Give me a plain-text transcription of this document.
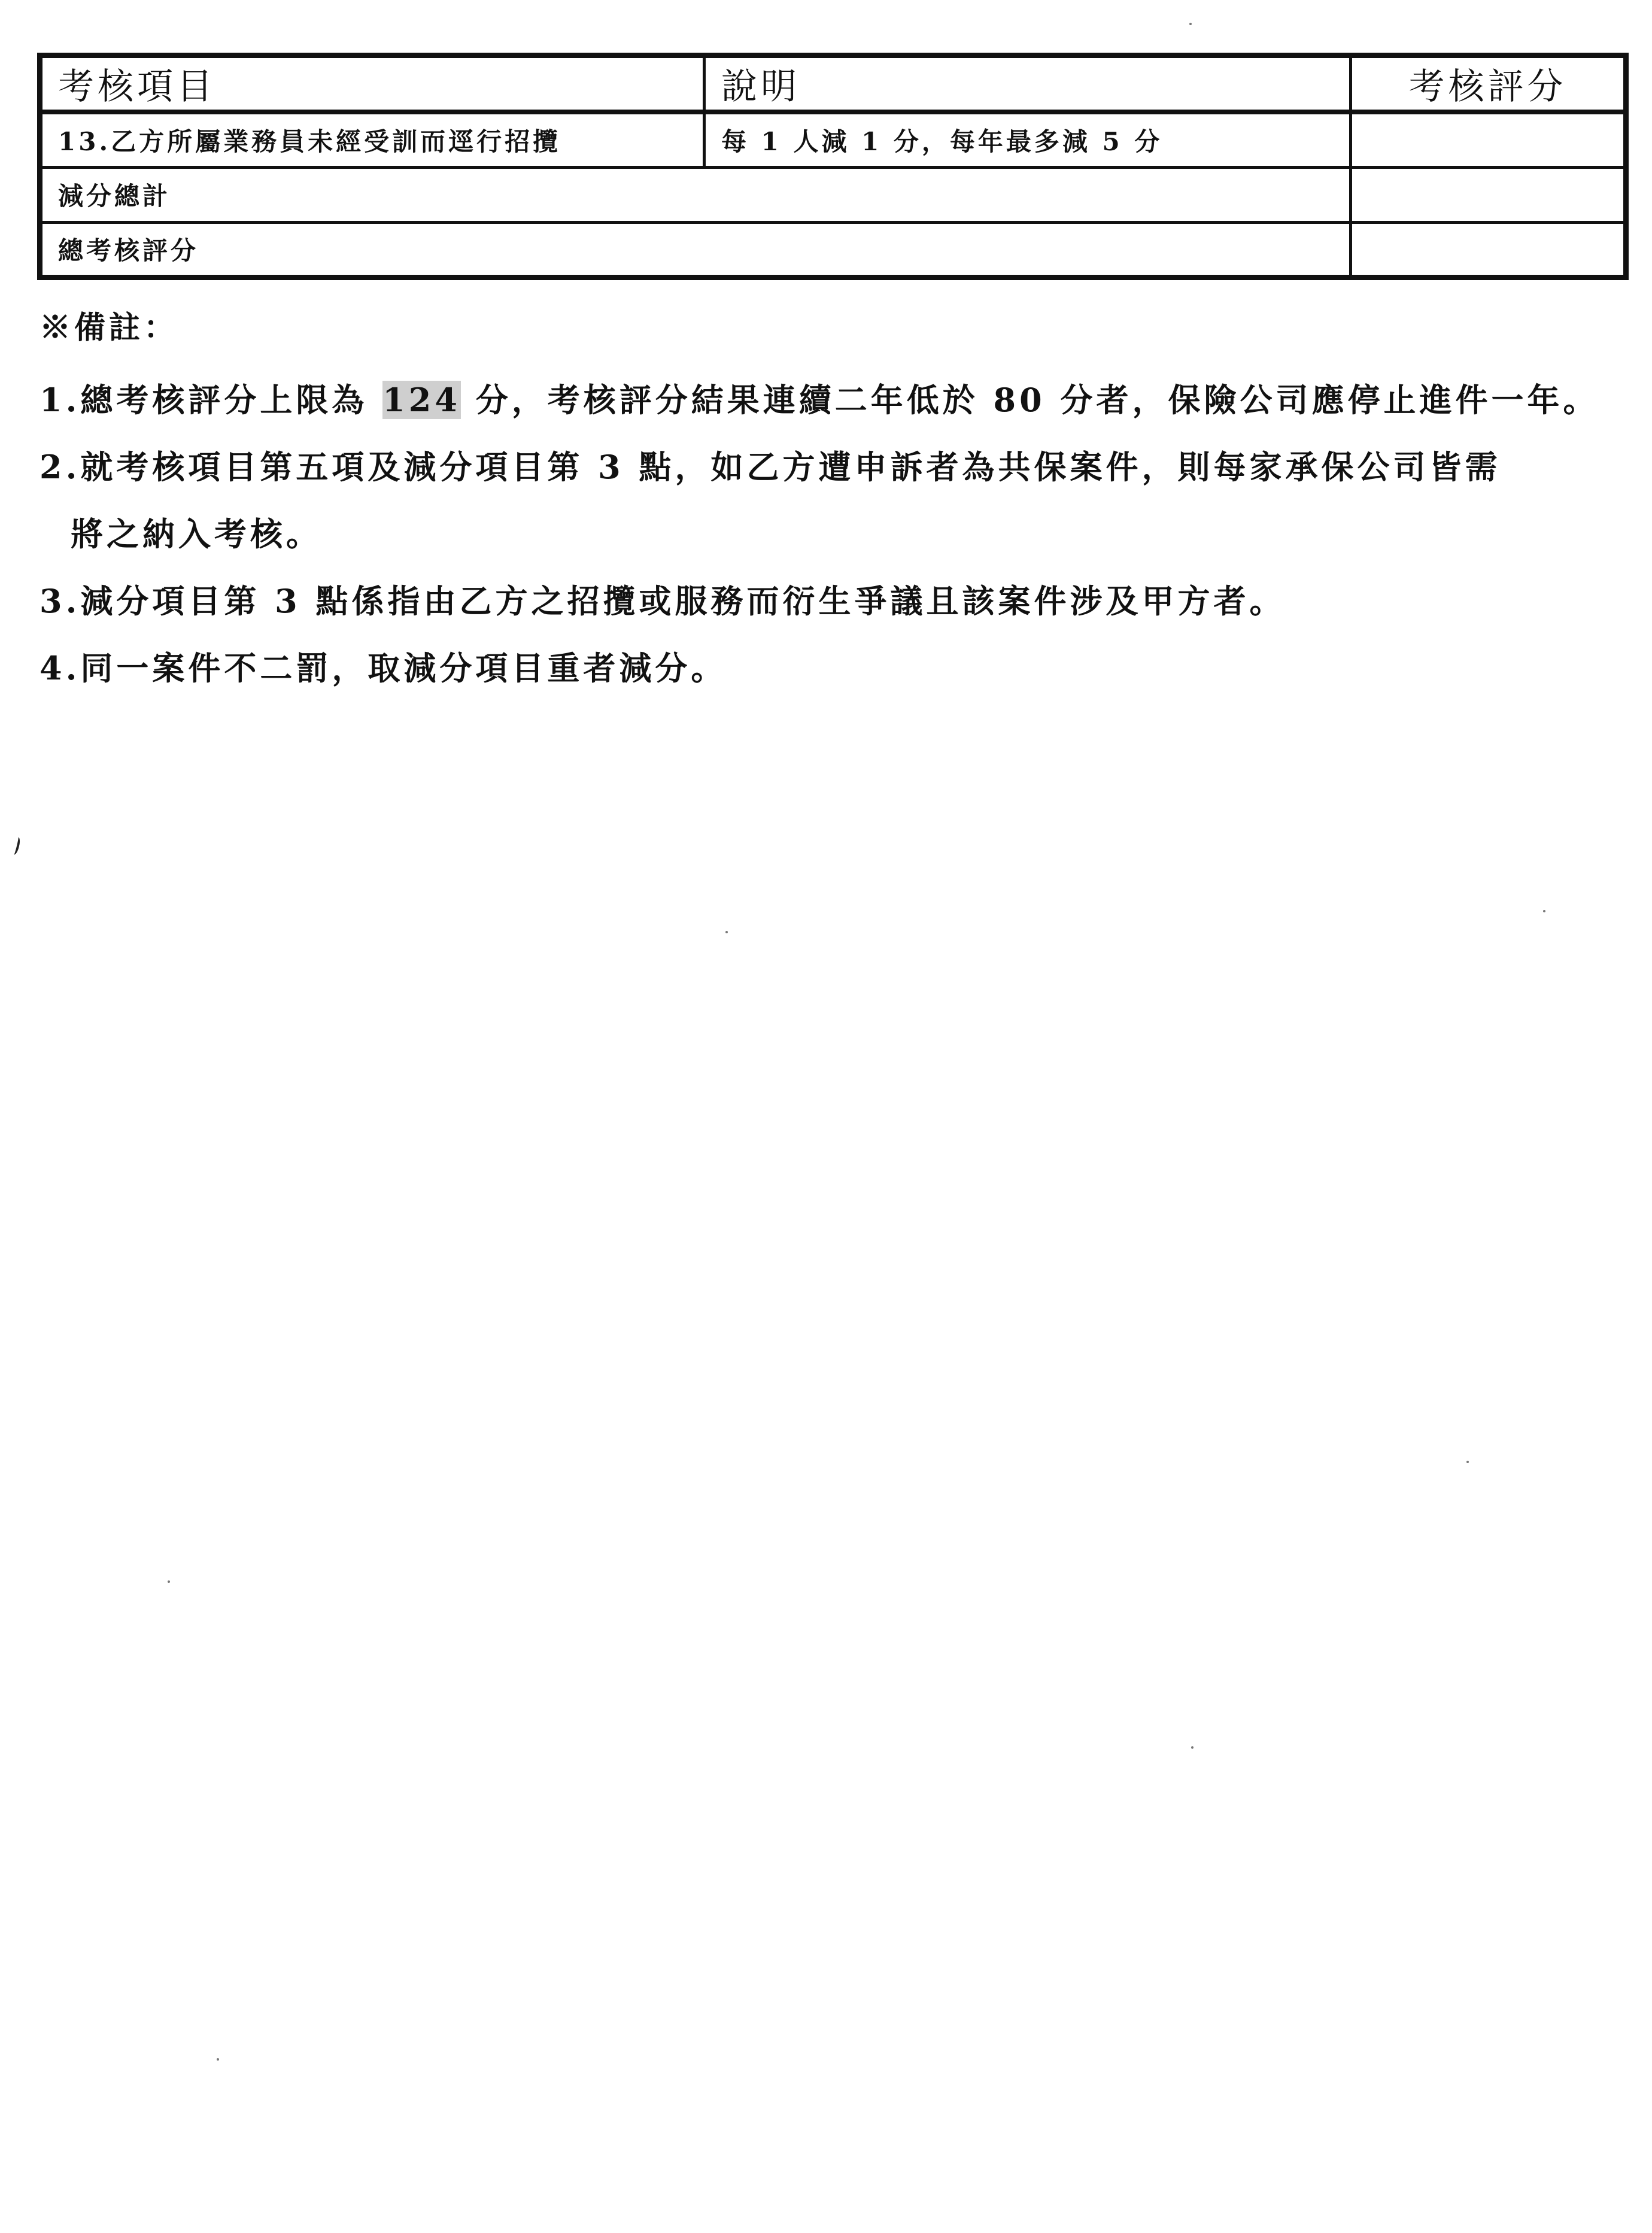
考核項目	說明	考核評分
13.乙方所屬業務員未經受訓而逕行招攬	每 1 人減 1 分，每年最多減 5 分	
減分總計		
總考核評分		

※備註：

1.總考核評分上限為 124 分，考核評分結果連續二年低於 80 分者，保險公司應停止進件一年。

2.就考核項目第五項及減分項目第 3 點，如乙方遭申訴者為共保案件，則每家承保公司皆需
將之納入考核。

3.減分項目第 3 點係指由乙方之招攬或服務而衍生爭議且該案件涉及甲方者。

4.同一案件不二罰，取減分項目重者減分。
